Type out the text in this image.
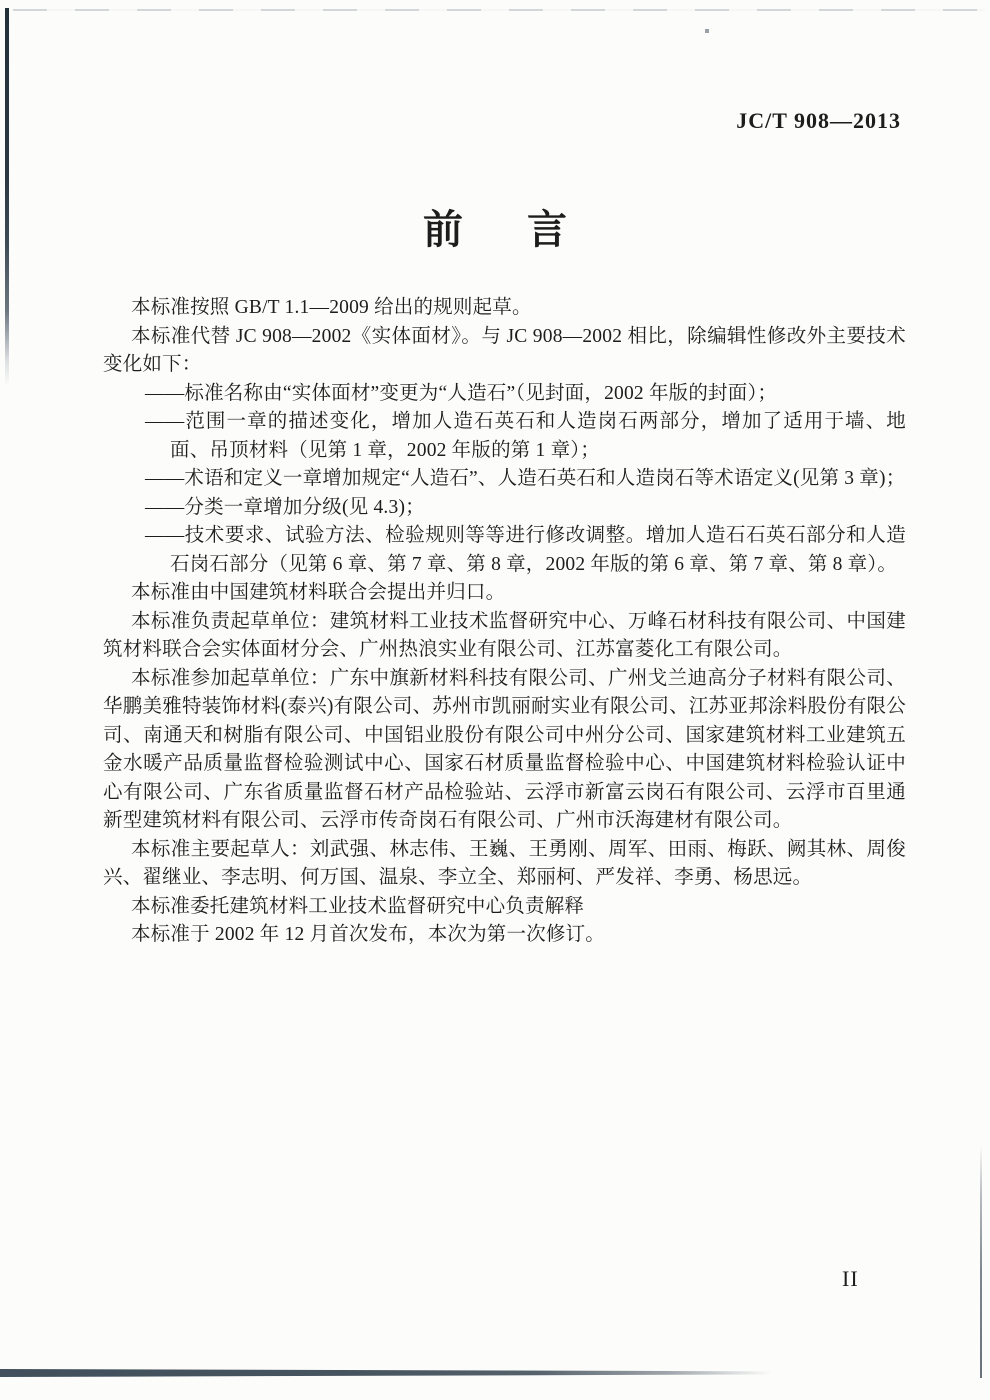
JC/T 908—2013
前 言

本标准按照 GB/T 1.1—2009 给出的规则起草。

本标准代替 JC 908—2002《实体面材》。与 JC 908—2002 相比，除编辑性修改外主要技术变化如下：

——标准名称由“实体面材”变更为“人造石”（见封面，2002 年版的封面）；

——范围一章的描述变化，增加人造石英石和人造岗石两部分，增加了适用于墙、地面、吊顶材料（见第 1 章，2002 年版的第 1 章）；

——术语和定义一章增加规定“人造石”、人造石英石和人造岗石等术语定义(见第 3 章)；

——分类一章增加分级(见 4.3)；

——技术要求、试验方法、检验规则等等进行修改调整。增加人造石石英石部分和人造石岗石部分（见第 6 章、第 7 章、第 8 章，2002 年版的第 6 章、第 7 章、第 8 章）。

本标准由中国建筑材料联合会提出并归口。

本标准负责起草单位：建筑材料工业技术监督研究中心、万峰石材科技有限公司、中国建筑材料联合会实体面材分会、广州热浪实业有限公司、江苏富菱化工有限公司。

本标准参加起草单位：广东中旗新材料科技有限公司、广州戈兰迪高分子材料有限公司、华鹏美雅特装饰材料(泰兴)有限公司、苏州市凯丽耐实业有限公司、江苏亚邦涂料股份有限公司、南通天和树脂有限公司、中国铝业股份有限公司中州分公司、国家建筑材料工业建筑五金水暖产品质量监督检验测试中心、国家石材质量监督检验中心、中国建筑材料检验认证中心有限公司、广东省质量监督石材产品检验站、云浮市新富云岗石有限公司、云浮市百里通新型建筑材料有限公司、云浮市传奇岗石有限公司、广州市沃海建材有限公司。

本标准主要起草人：刘武强、林志伟、王巍、王勇刚、周军、田雨、梅跃、阙其林、周俊兴、翟继业、李志明、何万国、温泉、李立全、郑丽柯、严发祥、李勇、杨思远。

本标准委托建筑材料工业技术监督研究中心负责解释

本标准于 2002 年 12 月首次发布，本次为第一次修订。

II
